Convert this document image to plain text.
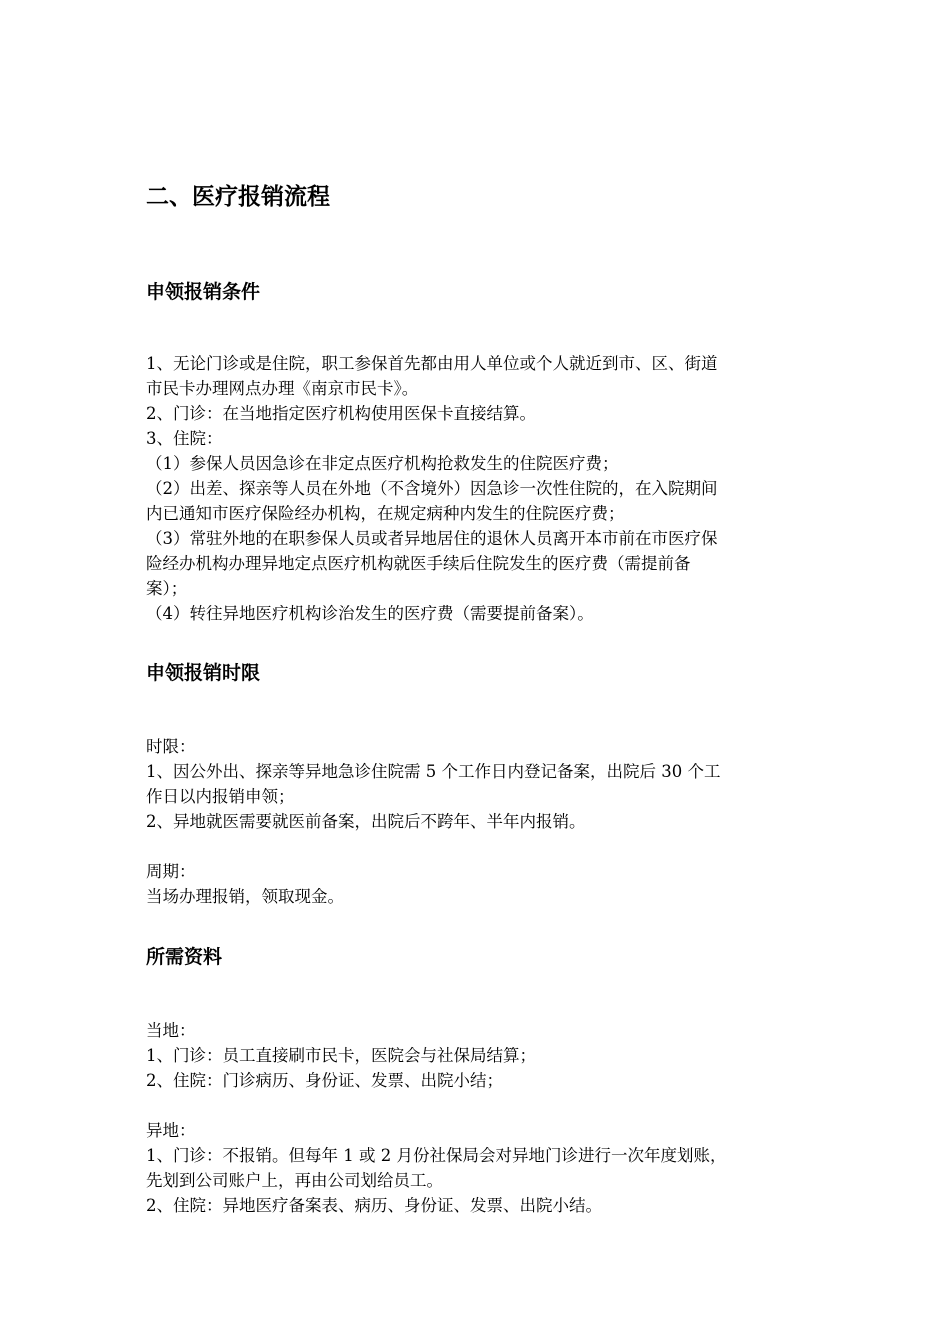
二、医疗报销流程
申领报销条件
1、无论门诊或是住院，职工参保首先都由用人单位或个人就近到市、区、街道
市民卡办理网点办理《南京市民卡》。
2、门诊：在当地指定医疗机构使用医保卡直接结算。
3、住院：
（1）参保人员因急诊在非定点医疗机构抢救发生的住院医疗费；
（2）出差、探亲等人员在外地（不含境外）因急诊一次性住院的，在入院期间
内已通知市医疗保险经办机构，在规定病种内发生的住院医疗费；
（3）常驻外地的在职参保人员或者异地居住的退休人员离开本市前在市医疗保
险经办机构办理异地定点医疗机构就医手续后住院发生的医疗费（需提前备
案）；
（4）转往异地医疗机构诊治发生的医疗费（需要提前备案）。
申领报销时限
时限：
1、因公外出、探亲等异地急诊住院需 5 个工作日内登记备案，出院后 30 个工
作日以内报销申领；
2、异地就医需要就医前备案，出院后不跨年、半年内报销。
周期：
当场办理报销，领取现金。
所需资料
当地：
1、门诊：员工直接刷市民卡，医院会与社保局结算；
2、住院：门诊病历、身份证、发票、出院小结；
异地：
1、门诊：不报销。但每年 1 或 2 月份社保局会对异地门诊进行一次年度划账，
先划到公司账户上，再由公司划给员工。
2、住院：异地医疗备案表、病历、身份证、发票、出院小结。
